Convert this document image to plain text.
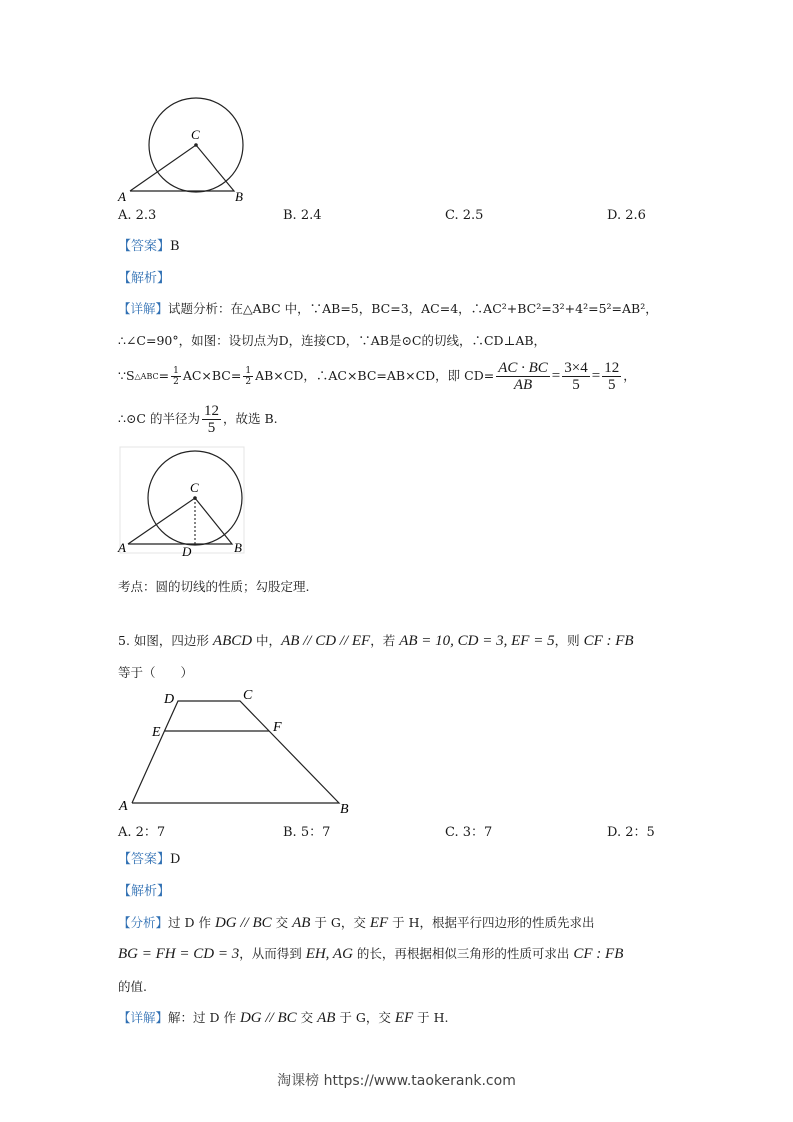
C
A	B
A. 2.3	B. 2.4	C. 2.5	D. 2.6
【答案】B
【解析】
【详解】试题分析：在△ABC 中，∵AB=5，BC=3，AC=4，∴AC²+BC²=3²+4²=5²=AB²，
∴∠C=90°，如图：设切点为D，连接CD，∵AB是⊙C的切线，∴CD⊥AB，
∵S △ABC = $\frac{1}{2} AC\times BC= \frac{1}{2} AB\times CD$，∴AC×BC=AB×CD，即 $CD= \frac{AC \cdot BC}{AB} = \frac{3\times 4}{5} = \frac{12}{5}$ ，
∴⊙C 的半径为 $\frac{12}{5}$ ，故选 B.
C
A	D	B
考点：圆的切线的性质；勾股定理.
5. 如图，四边形 ABCD 中，AB // CD // EF，若 AB = 10, CD = 3, EF = 5，则 CF : FB
等于（　　）
D	C
E	F
A	B
A. 2：7	B. 5：7	C. 3：7	D. 2：5
【答案】D
【解析】
【分析】过 D 作 DG // BC 交 AB 于 G，交 EF 于 H，根据平行四边形的性质先求出
BG = FH = CD = 3，从而得到 EH, AG 的长，再根据相似三角形的性质可求出 CF : FB
的值.
【详解】解：过 D 作 DG // BC 交 AB 于 G，交 EF 于 H.
淘课榜 https://www.taokerank.com
